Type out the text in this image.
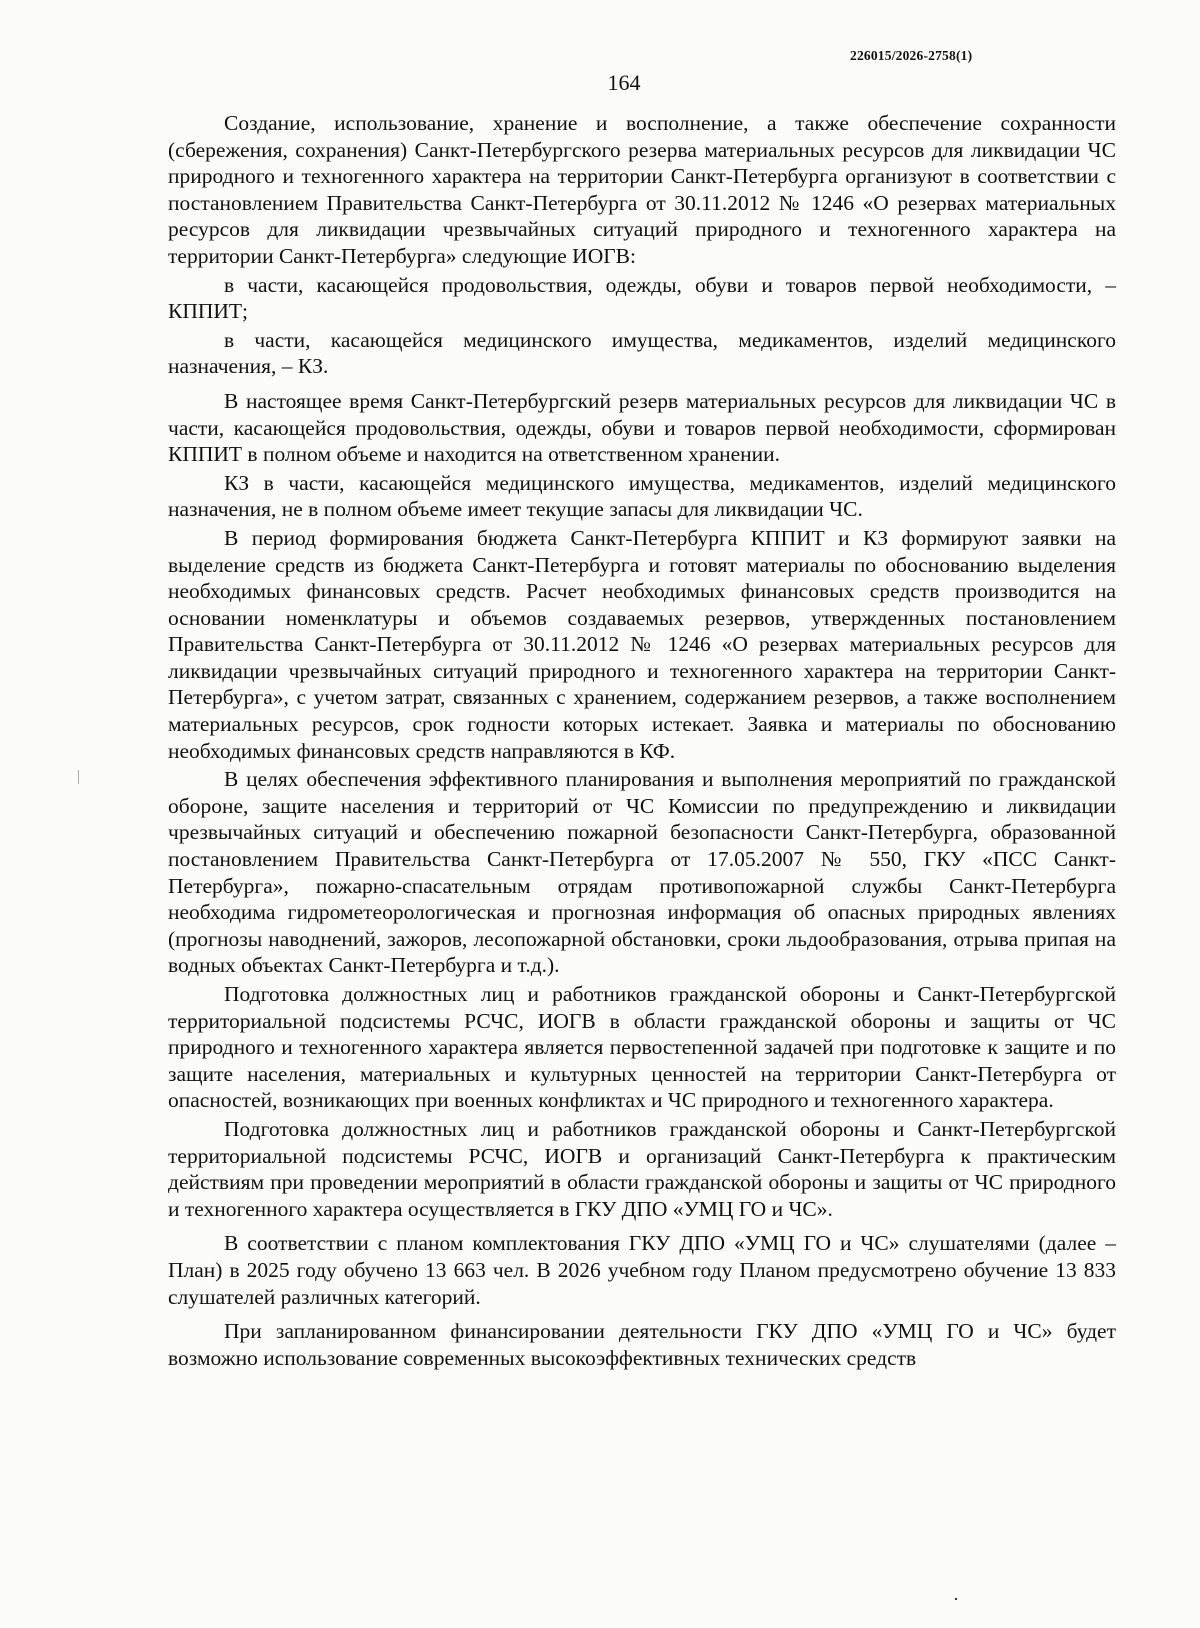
226015/2026-2758(1)
164

Создание, использование, хранение и восполнение, а также обеспечение сохранности (сбережения, сохранения) Санкт-Петербургского резерва материальных ресурсов для ликвидации ЧС природного и техногенного характера на территории Санкт-Петербурга организуют в соответствии с постановлением Правительства Санкт-Петербурга от 30.11.2012 № 1246 «О резервах материальных ресурсов для ликвидации чрезвычайных ситуаций природного и техногенного характера на территории Санкт-Петербурга» следующие ИОГВ:

в части, касающейся продовольствия, одежды, обуви и товаров первой необходимости, – КППИТ;

в части, касающейся медицинского имущества, медикаментов, изделий медицинского назначения, – КЗ.

В настоящее время Санкт-Петербургский резерв материальных ресурсов для ликвидации ЧС в части, касающейся продовольствия, одежды, обуви и товаров первой необходимости, сформирован КППИТ в полном объеме и находится на ответственном хранении.

КЗ в части, касающейся медицинского имущества, медикаментов, изделий медицинского назначения, не в полном объеме имеет текущие запасы для ликвидации ЧС.

В период формирования бюджета Санкт-Петербурга КППИТ и КЗ формируют заявки на выделение средств из бюджета Санкт-Петербурга и готовят материалы по обоснованию выделения необходимых финансовых средств. Расчет необходимых финансовых средств производится на основании номенклатуры и объемов создаваемых резервов, утвержденных постановлением Правительства Санкт-Петербурга от 30.11.2012 № 1246 «О резервах материальных ресурсов для ликвидации чрезвычайных ситуаций природного и техногенного характера на территории Санкт-Петербурга», с учетом затрат, связанных с хранением, содержанием резервов, а также восполнением материальных ресурсов, срок годности которых истекает. Заявка и материалы по обоснованию необходимых финансовых средств направляются в КФ.

В целях обеспечения эффективного планирования и выполнения мероприятий по гражданской обороне, защите населения и территорий от ЧС Комиссии по предупреждению и ликвидации чрезвычайных ситуаций и обеспечению пожарной безопасности Санкт-Петербурга, образованной постановлением Правительства Санкт-Петербурга от 17.05.2007 № 550, ГКУ «ПСС Санкт-Петербурга», пожарно-спасательным отрядам противопожарной службы Санкт-Петербурга необходима гидрометеорологическая и прогнозная информация об опасных природных явлениях (прогнозы наводнений, зажоров, лесопожарной обстановки, сроки льдообразования, отрыва припая на водных объектах Санкт-Петербурга и т.д.).

Подготовка должностных лиц и работников гражданской обороны и Санкт-Петербургской территориальной подсистемы РСЧС, ИОГВ в области гражданской обороны и защиты от ЧС природного и техногенного характера является первостепенной задачей при подготовке к защите и по защите населения, материальных и культурных ценностей на территории Санкт-Петербурга от опасностей, возникающих при военных конфликтах и ЧС природного и техногенного характера.

Подготовка должностных лиц и работников гражданской обороны и Санкт-Петербургской территориальной подсистемы РСЧС, ИОГВ и организаций Санкт-Петербурга к практическим действиям при проведении мероприятий в области гражданской обороны и защиты от ЧС природного и техногенного характера осуществляется в ГКУ ДПО «УМЦ ГО и ЧС».

В соответствии с планом комплектования ГКУ ДПО «УМЦ ГО и ЧС» слушателями (далее – План) в 2025 году обучено 13 663 чел. В 2026 учебном году Планом предусмотрено обучение 13 833 слушателей различных категорий.

При запланированном финансировании деятельности ГКУ ДПО «УМЦ ГО и ЧС» будет возможно использование современных высокоэффективных технических средств
